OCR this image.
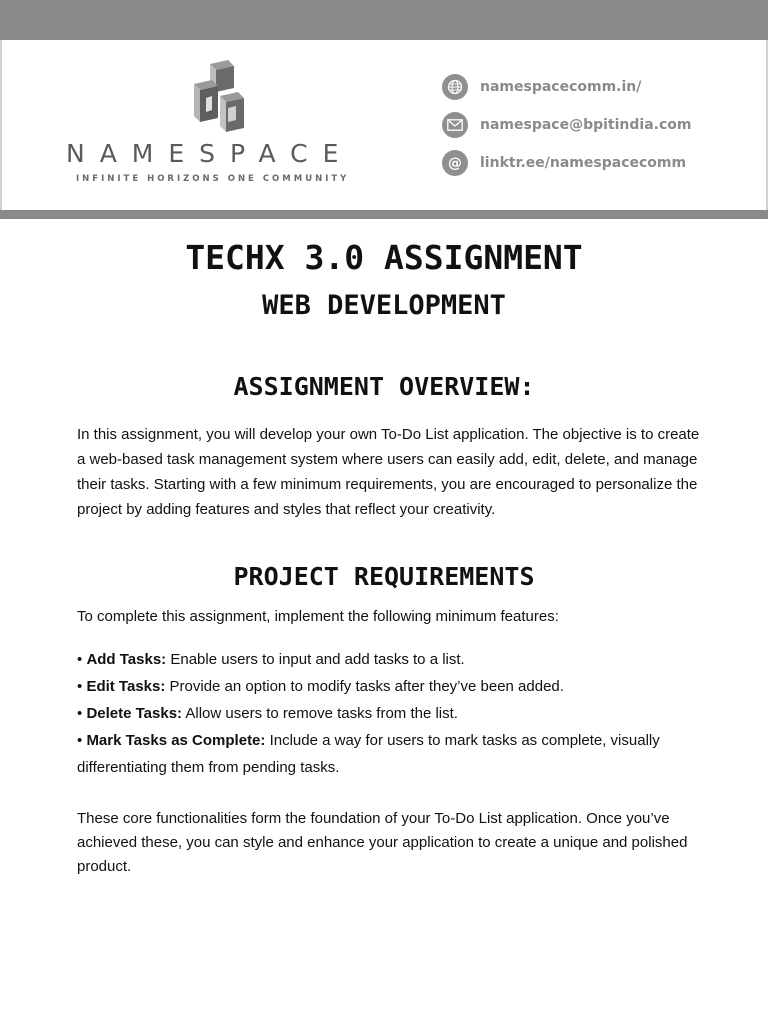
NAMESPACE
INFINITE HORIZONS ONE COMMUNITY
namespacecomm.in/
namespace@bpitindia.com
@ linktr.ee/namespacecomm
TECHX 3.0 ASSIGNMENT
WEB DEVELOPMENT
ASSIGNMENT OVERVIEW:
In this assignment, you will develop your own To-Do List application. The objective is to create a web-based task management system where users can easily add, edit, delete, and manage their tasks. Starting with a few minimum requirements, you are encouraged to personalize the project by adding features and styles that reflect your creativity.
PROJECT REQUIREMENTS
To complete this assignment, implement the following minimum features:
• Add Tasks: Enable users to input and add tasks to a list.
• Edit Tasks: Provide an option to modify tasks after they’ve been added.
• Delete Tasks: Allow users to remove tasks from the list.
• Mark Tasks as Complete: Include a way for users to mark tasks as complete, visually differentiating them from pending tasks.
These core functionalities form the foundation of your To-Do List application. Once you’ve achieved these, you can style and enhance your application to create a unique and polished product.
